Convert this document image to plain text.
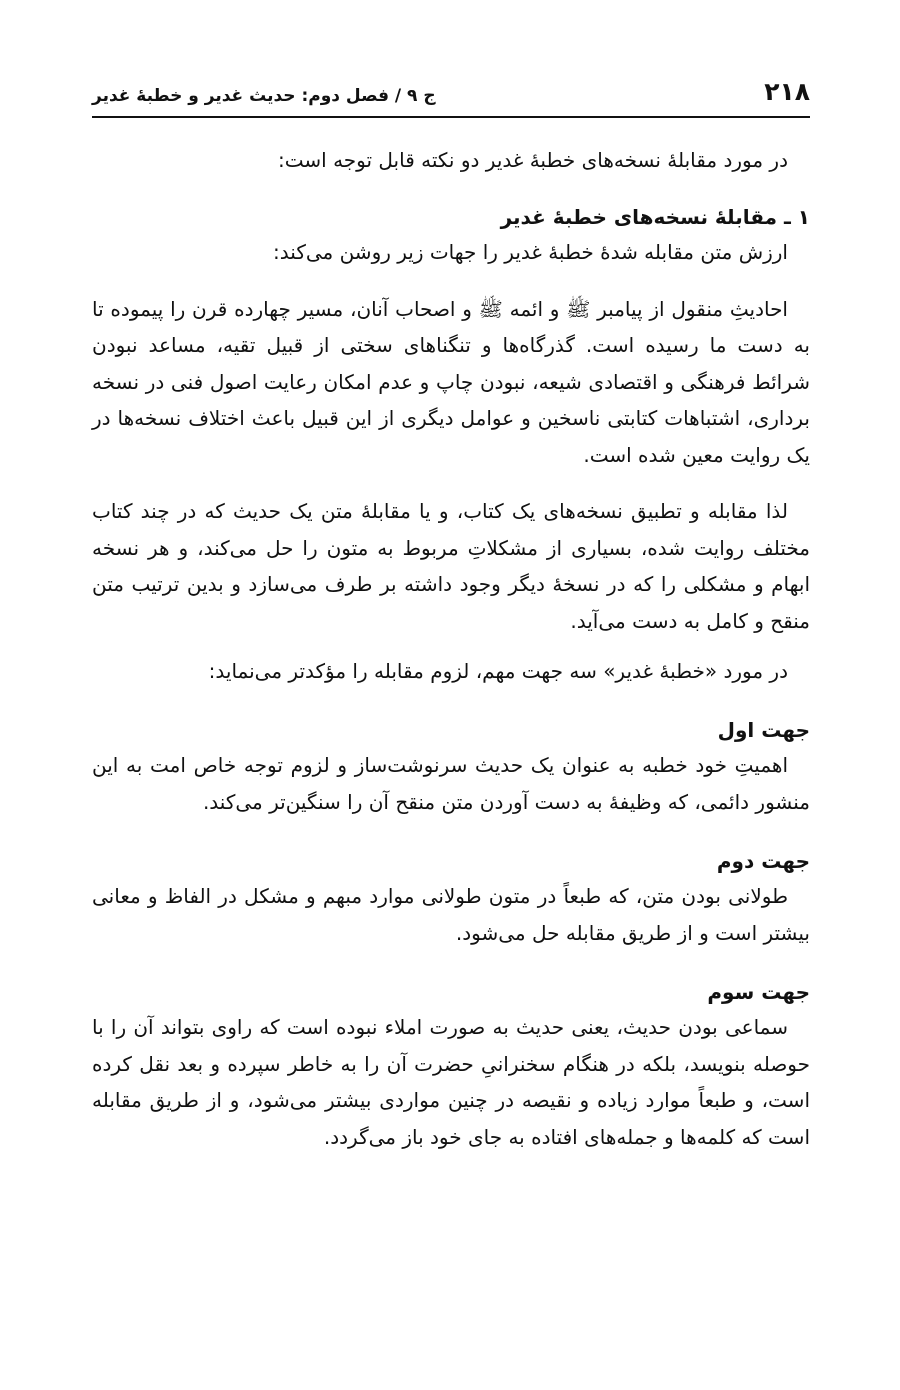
۲۱۸
ج ۹ / فصل دوم: حدیث غدیر و خطبهٔ غدیر

در مورد مقابلهٔ نسخه‌های خطبهٔ غدیر دو نکته قابل توجه است:

۱ ـ مقابلهٔ نسخه‌های خطبهٔ غدیر

ارزش متن مقابله شدهٔ خطبهٔ غدیر را جهات زیر روشن می‌کند:

احادیثِ منقول از پیامبر ﷺ و ائمه ﷺ و اصحاب آنان، مسیر چهارده قرن را پیموده تا به دست ما رسیده است. گذرگاه‌ها و تنگناهای سختی از قبیل تقیه، مساعد نبودن شرائط فرهنگی و اقتصادی شیعه، نبودن چاپ و عدم امکان رعایت اصول فنی در نسخه برداری، اشتباهات کتابتی ناسخین و عوامل دیگری از این قبیل باعث اختلاف نسخه‌ها در یک روایت معین شده است.

لذا مقابله و تطبیق نسخه‌های یک کتاب، و یا مقابلهٔ متن یک حدیث که در چند کتاب مختلف روایت شده، بسیاری از مشکلاتِ مربوط به متون را حل می‌کند، و هر نسخه ابهام و مشکلی را که در نسخهٔ دیگر وجود داشته بر طرف می‌سازد و بدین ترتیب متن منقح و کامل به دست می‌آید.

در مورد «خطبهٔ غدیر» سه جهت مهم، لزوم مقابله را مؤکدتر می‌نماید:

جهت اول

اهمیتِ خود خطبه به عنوان یک حدیث سرنوشت‌ساز و لزوم توجه خاص امت به این منشور دائمی، که وظیفهٔ به دست آوردن متن منقح آن را سنگین‌تر می‌کند.

جهت دوم

طولانی بودن متن، که طبعاً در متون طولانی موارد مبهم و مشکل در الفاظ و معانی بیشتر است و از طریق مقابله حل می‌شود.

جهت سوم

سماعی بودن حدیث، یعنی حدیث به صورت املاء نبوده است که راوی بتواند آن را با حوصله بنویسد، بلکه در هنگام سخنرانیِ حضرت آن را به خاطر سپرده و بعد نقل کرده است، و طبعاً موارد زیاده و نقیصه در چنین مواردی بیشتر می‌شود، و از طریق مقابله است که کلمه‌ها و جمله‌های افتاده به جای خود باز می‌گردد.
